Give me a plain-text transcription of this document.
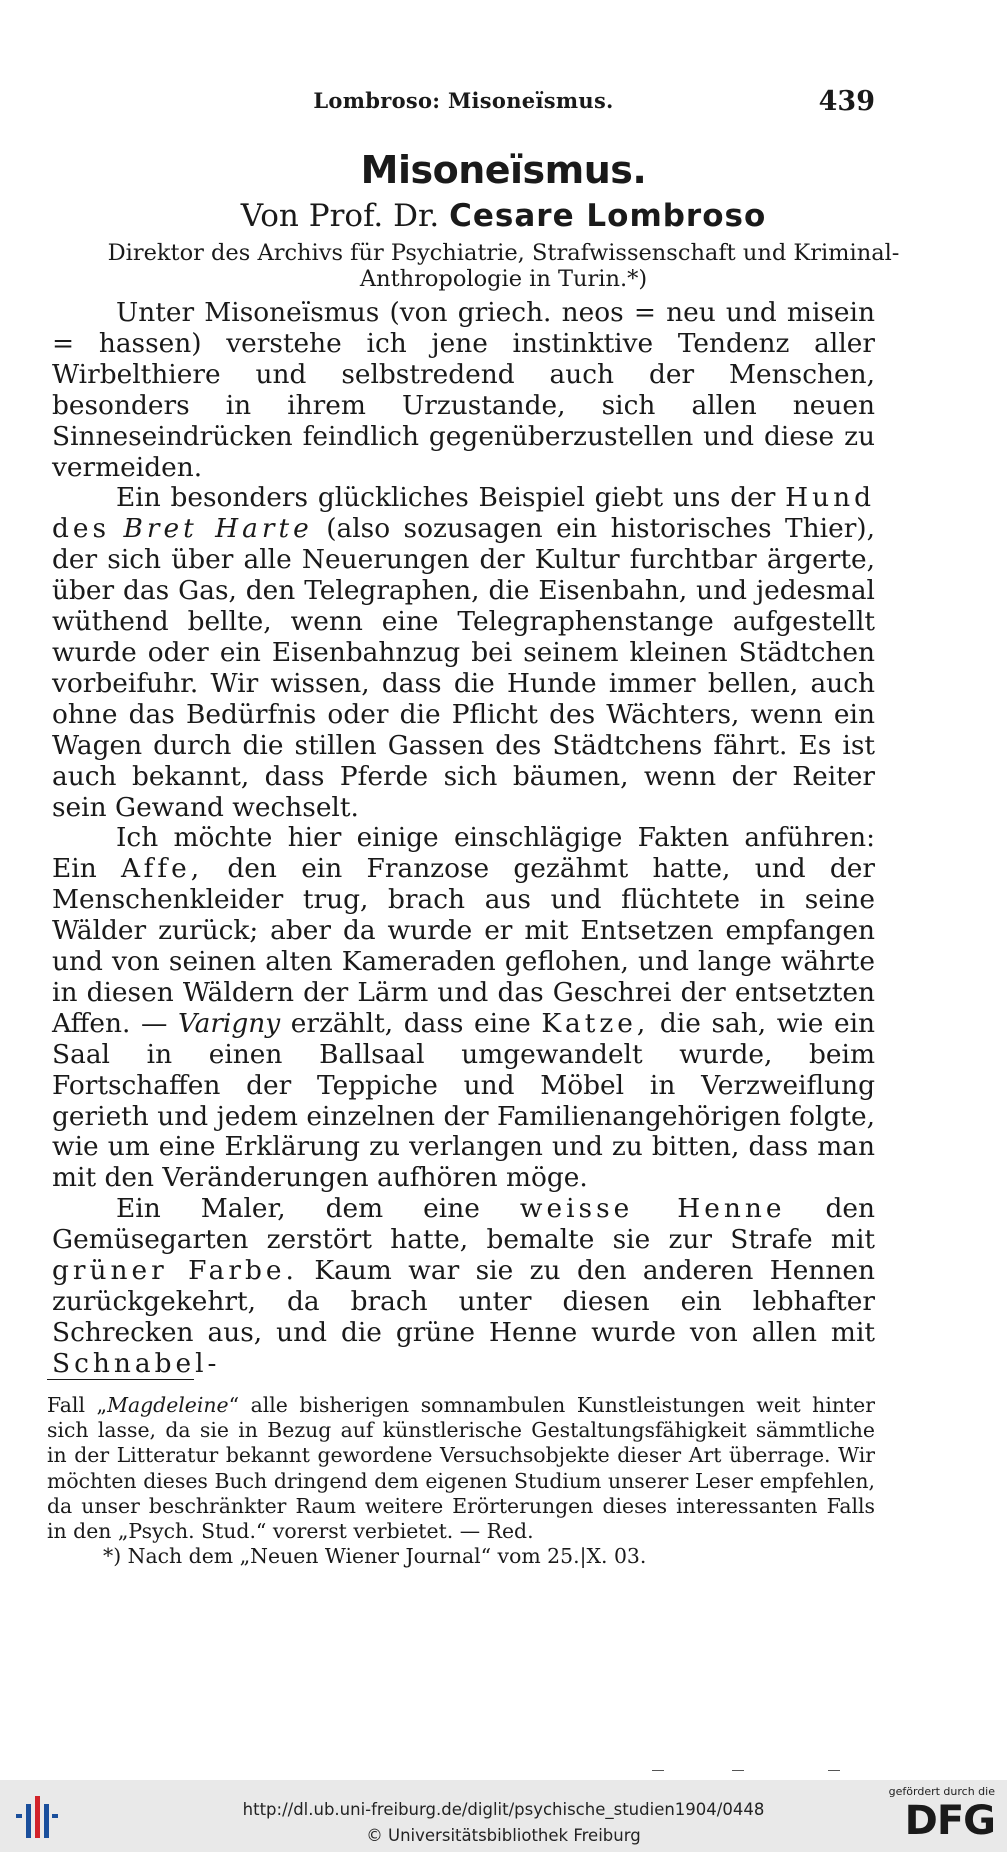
Lombroso: Misoneïsmus.	439
Misoneïsmus.
Von Prof. Dr. Cesare Lombroso
Direktor des Archivs für Psychiatrie, Strafwissenschaft und Kriminal-Anthropologie in Turin.*)

Unter Misoneïsmus (von griech. neos = neu und misein = hassen) verstehe ich jene instinktive Tendenz aller Wirbelthiere und selbstredend auch der Menschen, besonders in ihrem Urzustande, sich allen neuen Sinneseindrücken feindlich gegenüberzustellen und diese zu vermeiden.

Ein besonders glückliches Beispiel giebt uns der Hund des Bret Harte (also sozusagen ein historisches Thier), der sich über alle Neuerungen der Kultur furchtbar ärgerte, über das Gas, den Telegraphen, die Eisenbahn, und jedesmal wüthend bellte, wenn eine Telegraphenstange aufgestellt wurde oder ein Eisenbahnzug bei seinem kleinen Städtchen vorbeifuhr. Wir wissen, dass die Hunde immer bellen, auch ohne das Bedürfnis oder die Pflicht des Wächters, wenn ein Wagen durch die stillen Gassen des Städtchens fährt. Es ist auch bekannt, dass Pferde sich bäumen, wenn der Reiter sein Gewand wechselt.

Ich möchte hier einige einschlägige Fakten anführen: Ein Affe, den ein Franzose gezähmt hatte, und der Menschenkleider trug, brach aus und flüchtete in seine Wälder zurück; aber da wurde er mit Entsetzen empfangen und von seinen alten Kameraden geflohen, und lange währte in diesen Wäldern der Lärm und das Geschrei der entsetzten Affen. — Varigny erzählt, dass eine Katze, die sah, wie ein Saal in einen Ballsaal umgewandelt wurde, beim Fortschaffen der Teppiche und Möbel in Verzweiflung gerieth und jedem einzelnen der Familienangehörigen folgte, wie um eine Erklärung zu verlangen und zu bitten, dass man mit den Veränderungen aufhören möge.

Ein Maler, dem eine weisse Henne den Gemüsegarten zerstört hatte, bemalte sie zur Strafe mit grüner Farbe. Kaum war sie zu den anderen Hennen zurückgekehrt, da brach unter diesen ein lebhafter Schrecken aus, und die grüne Henne wurde von allen mit Schnabel-

Fall „Magdeleine“ alle bisherigen somnambulen Kunstleistungen weit hinter sich lasse, da sie in Bezug auf künstlerische Gestaltungsfähigkeit sämmtliche in der Litteratur bekannt gewordene Versuchsobjekte dieser Art überrage. Wir möchten dieses Buch dringend dem eigenen Studium unserer Leser empfehlen, da unser beschränkter Raum weitere Erörterungen dieses interessanten Falls in den „Psych. Stud.“ vorerst verbietet. — Red.

*) Nach dem „Neuen Wiener Journal“ vom 25.|X. 03.

http://dl.ub.uni-freiburg.de/diglit/psychische_studien1904/0448
© Universitätsbibliothek Freiburg
gefördert durch die
DFG
